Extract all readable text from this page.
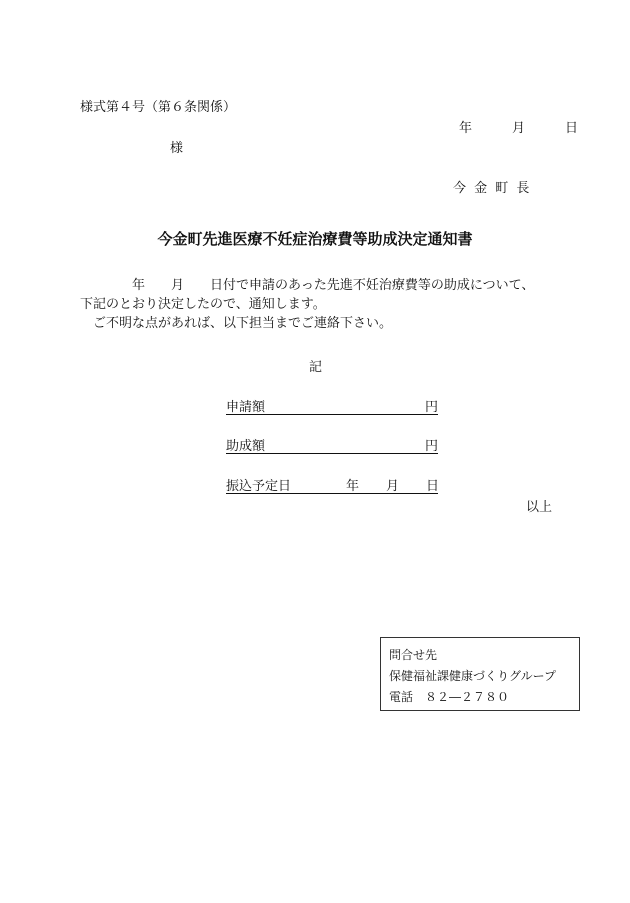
様式第４号（第６条関係）
年	月	日
様
今 金 町 長
今金町先進医療不妊症治療費等助成決定通知書
　　　　年　　月　　日付で申請のあった先進不妊治療費等の助成について、
下記のとおり決定したので、通知します。
　ご不明な点があれば、以下担当までご連絡下さい。
記
申請額	円
助成額	円
振込予定日	年 月 日
以上
問合せ先
保健福祉課健康づくりグループ
電話　８２―２７８０
